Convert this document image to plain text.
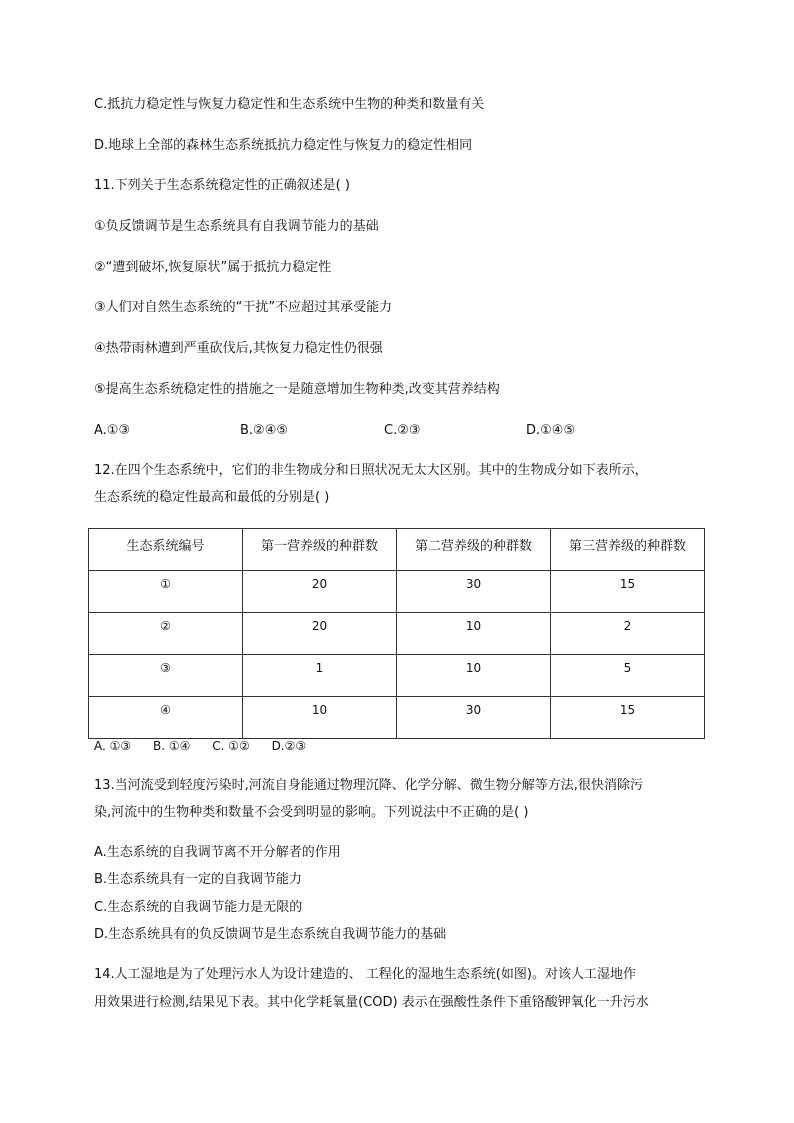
C.抵抗力稳定性与恢复力稳定性和生态系统中生物的种类和数量有关
D.地球上全部的森林生态系统抵抗力稳定性与恢复力的稳定性相同
11.下列关于生态系统稳定性的正确叙述是( )
①负反馈调节是生态系统具有自我调节能力的基础
②“遭到破坏,恢复原状”属于抵抗力稳定性
③人们对自然生态系统的“干扰”不应超过其承受能力
④热带雨林遭到严重砍伐后,其恢复力稳定性仍很强
⑤提高生态系统稳定性的措施之一是随意增加生物种类,改变其营养结构
A.①③	B.②④⑤	C.②③	D.①④⑤
12.在四个生态系统中，它们的非生物成分和日照状况无太大区别。其中的生物成分如下表所示，
生态系统的稳定性最高和最低的分别是( )
生态系统编号	第一营养级的种群数	第二营养级的种群数	第三营养级的种群数
①	20	30	15
②	20	10	2
③	1	10	5
④	10	30	15
A. ①③ B. ①④ C. ①② D.②③
13.当河流受到轻度污染时,河流自身能通过物理沉降、化学分解、微生物分解等方法,很快消除污
染,河流中的生物种类和数量不会受到明显的影响。下列说法中不正确的是( )
A.生态系统的自我调节离不开分解者的作用
B.生态系统具有一定的自我调节能力
C.生态系统的自我调节能力是无限的
D.生态系统具有的负反馈调节是生态系统自我调节能力的基础
14.人工湿地是为了处理污水人为设计建造的、 工程化的湿地生态系统(如图)。对该人工湿地作
用效果进行检测,结果见下表。其中化学耗氧量(COD) 表示在强酸性条件下重铬酸钾氧化一升污水
